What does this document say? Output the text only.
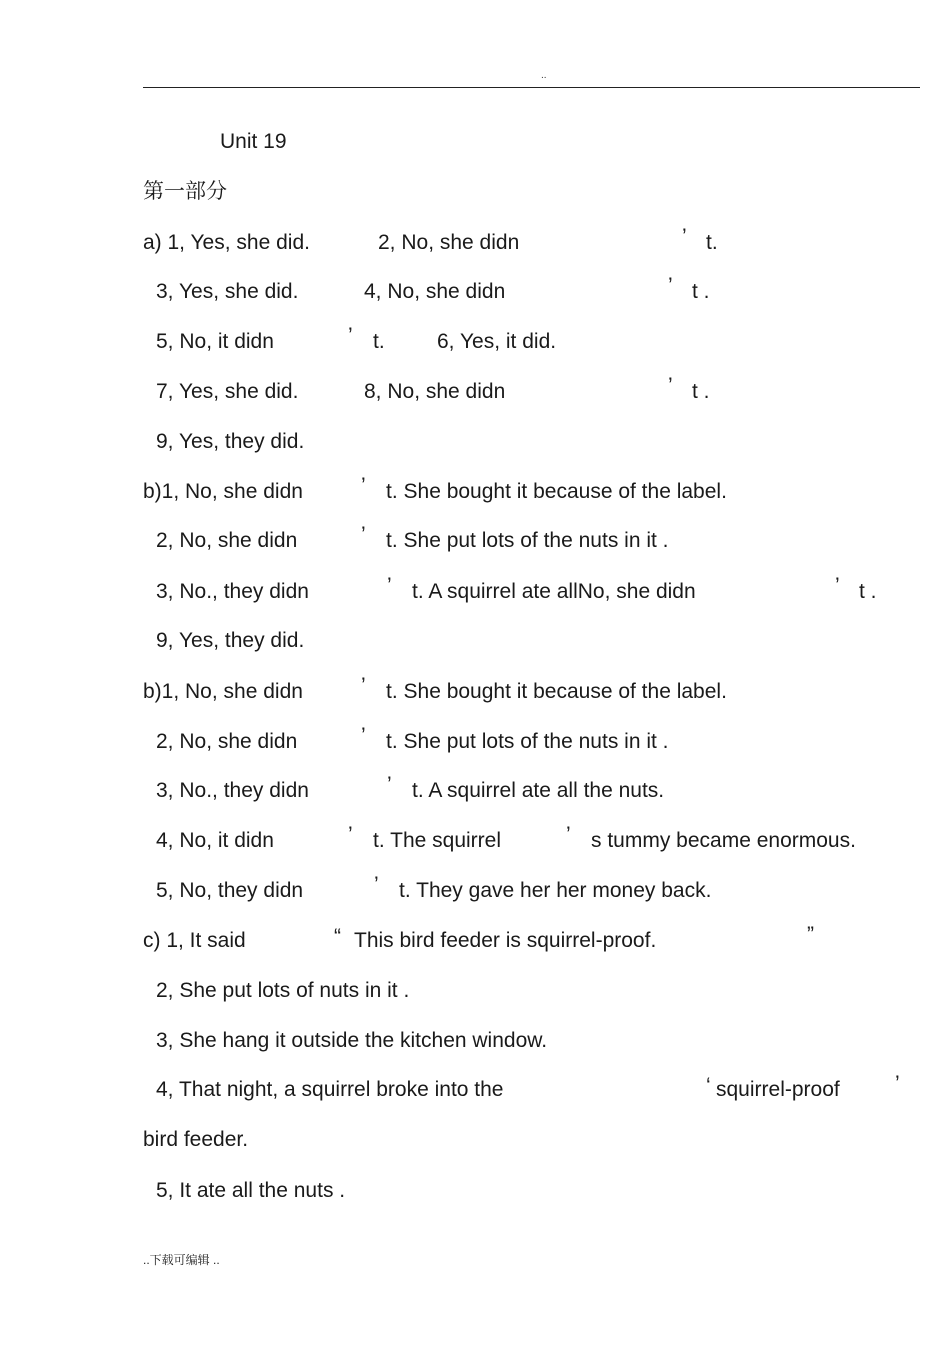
..
Unit 19
第一部分
a) 1, Yes, she did.	2, No, she didn	’ t.
3, Yes, she did.	4, No, she didn	’ t .
5, No, it didn	’ t. 6, Yes, it did.
7, Yes, she did.	8, No, she didn	’ t .
9, Yes, they did.
b)1, No, she didn	’ t. She bought it because of the label.
2, No, she didn	’ t. She put lots of the nuts in it .
3, No., they didn	’ t. A squirrel ate allNo, she didn	’ t .
9, Yes, they did.
b)1, No, she didn	’ t. She bought it because of the label.
2, No, she didn	’ t. She put lots of the nuts in it .
3, No., they didn	’ t. A squirrel ate all the nuts.
4, No, it didn	’ t. The squirrel	’ s tummy became enormous.
5, No, they didn	’ t. They gave her her money back.
c) 1, It said	“ This bird feeder is squirrel-proof.	”
2, She put lots of nuts in it .
3, She hang it outside the kitchen window.
4, That night, a squirrel broke into the	‘ squirrel-proof	’
bird feeder.
5, It ate all the nuts .
..下载可编辑 ..
